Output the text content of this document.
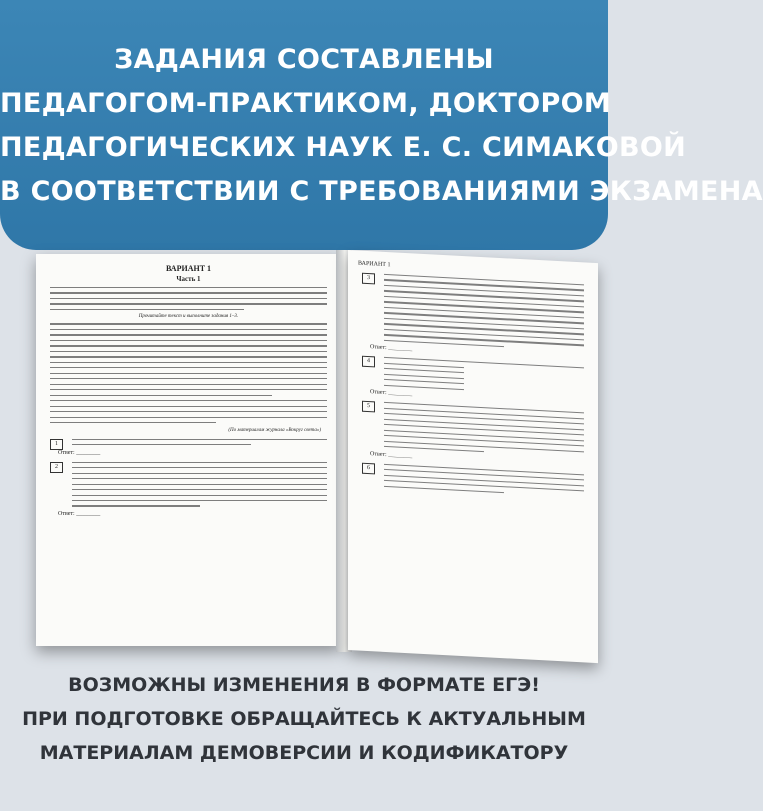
ЗАДАНИЯ СОСТАВЛЕНЫ
ПЕДАГОГОМ-ПРАКТИКОМ, ДОКТОРОМ
ПЕДАГОГИЧЕСКИХ НАУК Е. С. СИМАКОВОЙ
В СООТВЕТСТВИИ С ТРЕБОВАНИЯМИ ЭКЗАМЕНА
ВАРИАНТ 1
Часть 1
Прочитайте текст и выполните задания 1–3.
(По материалам журнала «Вокруг света»)
1
Ответ: ________
2
Ответ: ________
ВАРИАНТ 1
3
Ответ: ________
4
Ответ: ________
5
Ответ: ________
6
ВОЗМОЖНЫ ИЗМЕНЕНИЯ В ФОРМАТЕ ЕГЭ!
ПРИ ПОДГОТОВКЕ ОБРАЩАЙТЕСЬ К АКТУАЛЬНЫМ
МАТЕРИАЛАМ ДЕМОВЕРСИИ И КОДИФИКАТОРУ
